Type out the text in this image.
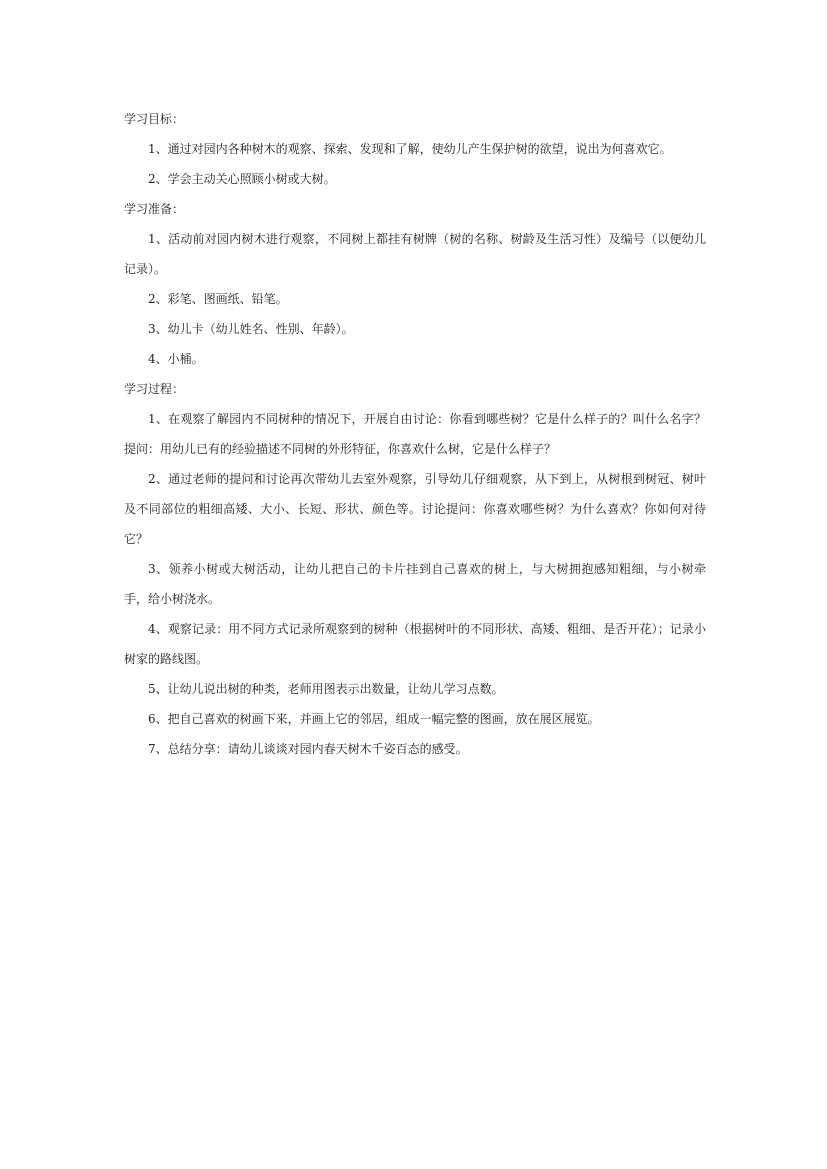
学习目标：

1、通过对园内各种树木的观察、探索、发现和了解，使幼儿产生保护树的欲望，说出为何喜欢它。

2、学会主动关心照顾小树或大树。

学习准备：

1、活动前对园内树木进行观察，不同树上都挂有树牌（树的名称、树龄及生活习性）及编号（以便幼儿记录）。

2、彩笔、图画纸、铅笔。

3、幼儿卡（幼儿姓名、性别、年龄）。

4、小桶。

学习过程：

1、在观察了解园内不同树种的情况下，开展自由讨论：你看到哪些树？它是什么样子的？叫什么名字？提问：用幼儿已有的经验描述不同树的外形特征，你喜欢什么树，它是什么样子？

2、通过老师的提问和讨论再次带幼儿去室外观察，引导幼儿仔细观察，从下到上，从树根到树冠、树叶及不同部位的粗细高矮、大小、长短、形状、颜色等。讨论提问：你喜欢哪些树？为什么喜欢？你如何对待它？

3、领养小树或大树活动，让幼儿把自己的卡片挂到自己喜欢的树上，与大树拥抱感知粗细，与小树牵手，给小树浇水。

4、观察记录：用不同方式记录所观察到的树种（根据树叶的不同形状、高矮、粗细、是否开花）；记录小树家的路线图。

5、让幼儿说出树的种类，老师用图表示出数量，让幼儿学习点数。

6、把自己喜欢的树画下来，并画上它的邻居，组成一幅完整的图画，放在展区展览。

7、总结分享：请幼儿谈谈对园内春天树木千姿百态的感受。
